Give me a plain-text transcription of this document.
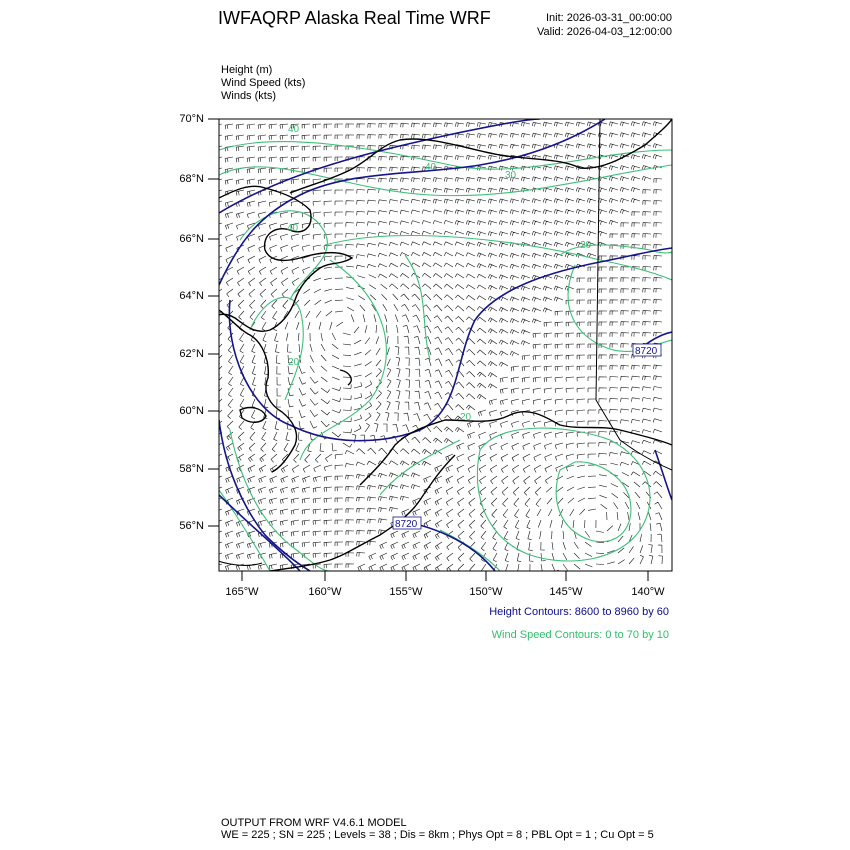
IWFAQRP Alaska Real Time WRF	Init: 2026-03-31_00:00:00
Valid: 2026-04-03_12:00:00
Height (m)
Wind Speed (kts)
Winds (kts)
70°N
68°N
66°N
64°N
62°N
60°N
58°N
56°N
165°W	160°W	155°W	150°W	145°W	140°W
8720
8720
40
40
30
40
20
20
20
Height Contours: 8600 to 8960 by 60
Wind Speed Contours: 0 to 70 by 10
OUTPUT FROM WRF V4.6.1 MODEL
WE = 225 ; SN = 225 ; Levels = 38 ; Dis = 8km ; Phys Opt = 8 ; PBL Opt = 1 ; Cu Opt = 5
